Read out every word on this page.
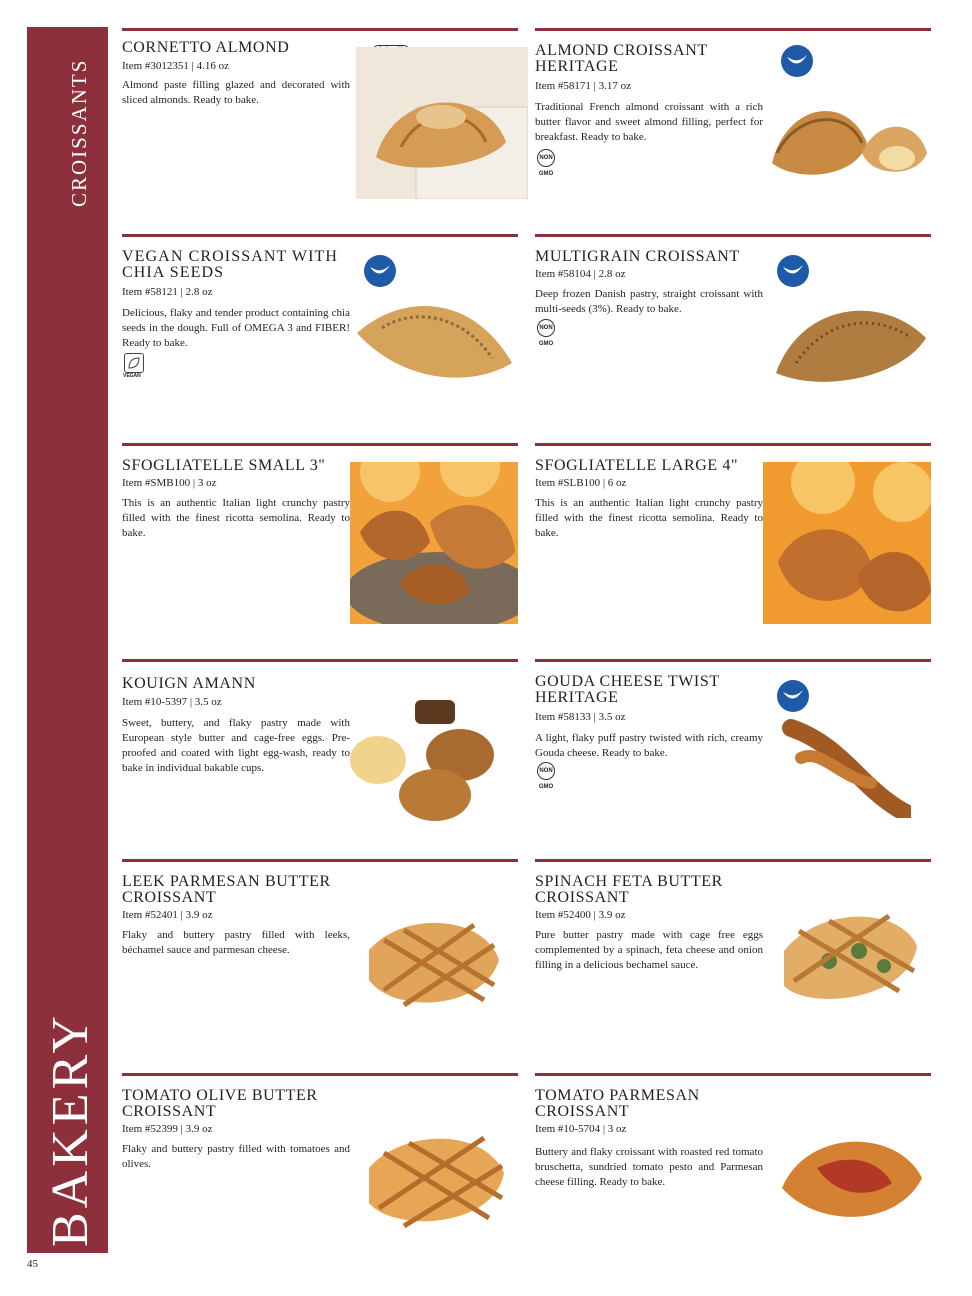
CROISSANTS
BAKERY
45
CORNETTO ALMOND
Item #3012351 | 4.16 oz
Almond paste filling glazed and decorated with sliced almonds. Ready to bake.
ALMOND CROISSANT HERITAGE
Item #58171 | 3.17 oz
Traditional French almond croissant with a rich butter flavor and sweet almond filling, perfect for breakfast. Ready to bake.
NON GMO
VEGAN CROISSANT WITH CHIA SEEDS
Item #58121 | 2.8 oz
Delicious, flaky and tender product containing chia seeds in the dough. Full of OMEGA 3 and FIBER! Ready to bake.
VEGAN
MULTIGRAIN CROISSANT
Item #58104 | 2.8 oz
Deep frozen Danish pastry, straight croissant with multi-seeds (3%). Ready to bake.
NON GMO
SFOGLIATELLE SMALL 3"
Item #SMB100 | 3 oz
This is an authentic Italian light crunchy pastry filled with the finest ricotta semolina. Ready to bake.
SFOGLIATELLE LARGE 4"
Item #SLB100 | 6 oz
This is an authentic Italian light crunchy pastry filled with the finest ricotta semolina. Ready to bake.
KOUIGN AMANN
Item #10-5397 | 3.5 oz
Sweet, buttery, and flaky pastry made with European style butter and cage-free eggs. Pre-proofed and coated with light egg-wash, ready to bake in individual bakable cups.
GOUDA CHEESE TWIST HERITAGE
Item #58133 | 3.5 oz
A light, flaky puff pastry twisted with rich, creamy Gouda cheese. Ready to bake.
NON GMO
LEEK PARMESAN BUTTER CROISSANT
Item #52401 | 3.9 oz
Flaky and buttery pastry filled with leeks, béchamel sauce and parmesan cheese.
SPINACH FETA BUTTER CROISSANT
Item #52400 | 3.9 oz
Pure butter pastry made with cage free eggs complemented by a spinach, feta cheese and onion filling in a delicious bechamel sauce.
TOMATO OLIVE BUTTER CROISSANT
Item #52399 | 3.9 oz
Flaky and buttery pastry filled with tomatoes and olives.
TOMATO PARMESAN CROISSANT
Item #10-5704 | 3 oz
Buttery and flaky croissant with roasted red tomato bruschetta, sundried tomato pesto and Parmesan cheese filling. Ready to bake.
